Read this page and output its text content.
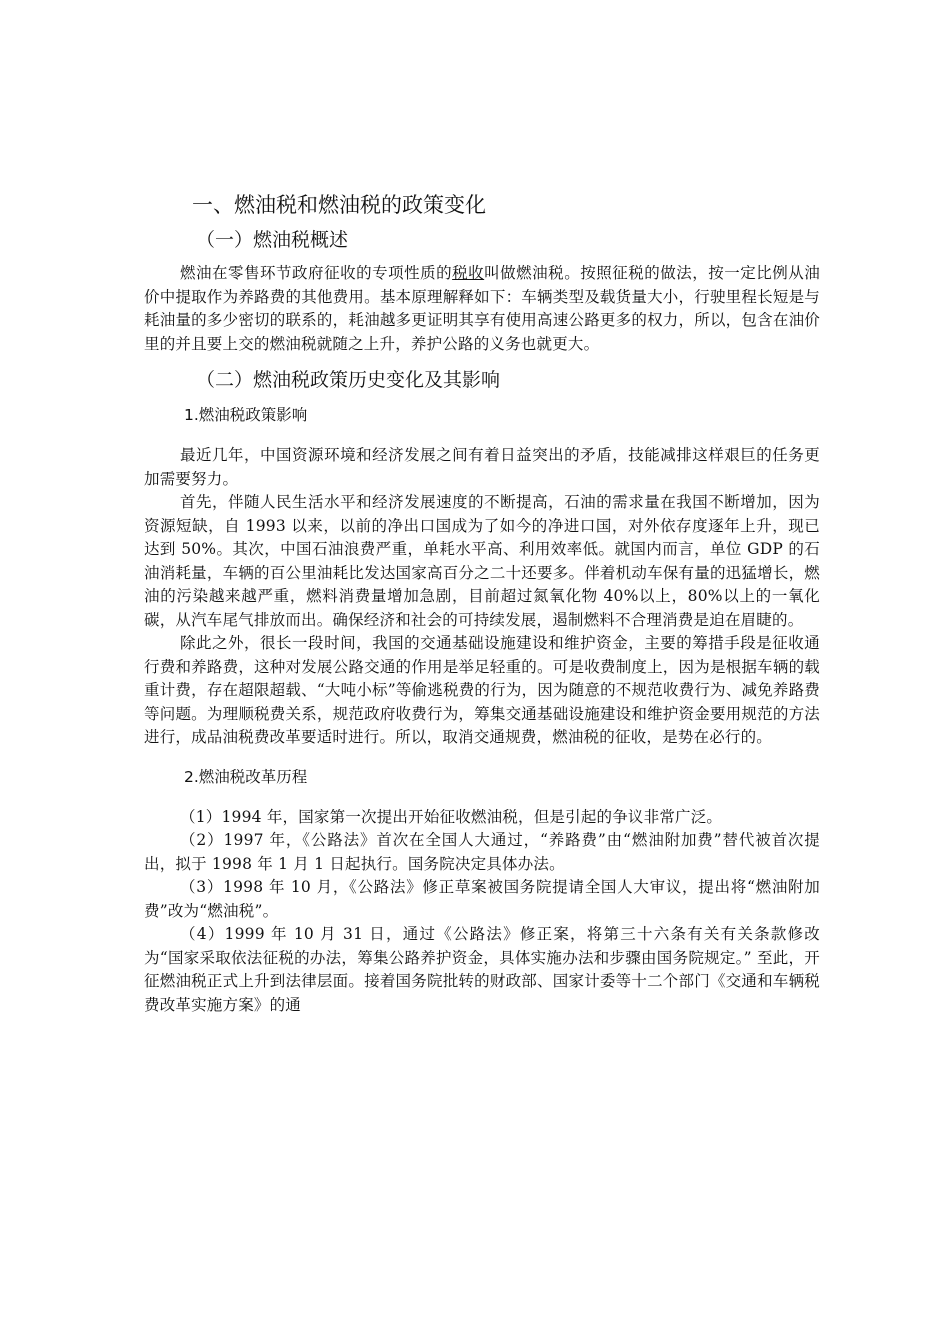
一、燃油税和燃油税的政策变化
（一）燃油税概述

燃油在零售环节政府征收的专项性质的税收叫做燃油税。按照征税的做法，按一定比例从油价中提取作为养路费的其他费用。基本原理解释如下：车辆类型及载货量大小，行驶里程长短是与耗油量的多少密切的联系的，耗油越多更证明其享有使用高速公路更多的权力，所以，包含在油价里的并且要上交的燃油税就随之上升，养护公路的义务也就更大。

（二）燃油税政策历史变化及其影响
1.燃油税政策影响

最近几年，中国资源环境和经济发展之间有着日益突出的矛盾，技能减排这样艰巨的任务更加需要努力。

首先，伴随人民生活水平和经济发展速度的不断提高，石油的需求量在我国不断增加，因为资源短缺，自 1993 以来，以前的净出口国成为了如今的净进口国，对外依存度逐年上升，现已达到 50%。其次，中国石油浪费严重，单耗水平高、利用效率低。就国内而言，单位 GDP 的石油消耗量，车辆的百公里油耗比发达国家高百分之二十还要多。伴着机动车保有量的迅猛增长，燃油的污染越来越严重，燃料消费量增加急剧，目前超过氮氧化物 40%以上，80%以上的一氧化碳，从汽车尾气排放而出。确保经济和社会的可持续发展，遏制燃料不合理消费是迫在眉睫的。

除此之外，很长一段时间，我国的交通基础设施建设和维护资金，主要的筹措手段是征收通行费和养路费，这种对发展公路交通的作用是举足轻重的。可是收费制度上，因为是根据车辆的载重计费，存在超限超载、“大吨小标”等偷逃税费的行为，因为随意的不规范收费行为、减免养路费等问题。为理顺税费关系，规范政府收费行为，筹集交通基础设施建设和维护资金要用规范的方法进行，成品油税费改革要适时进行。所以，取消交通规费，燃油税的征收，是势在必行的。

2.燃油税改革历程

（1）1994 年，国家第一次提出开始征收燃油税，但是引起的争议非常广泛。

（2）1997 年，《公路法》首次在全国人大通过，“养路费”由“燃油附加费”替代被首次提出，拟于 1998 年 1 月 1 日起执行。国务院决定具体办法。

（3）1998 年 10 月，《公路法》修正草案被国务院提请全国人大审议，提出将“燃油附加费”改为“燃油税”。

（4）1999 年 10 月 31 日，通过《公路法》修正案，将第三十六条有关有关条款修改为“国家采取依法征税的办法，筹集公路养护资金，具体实施办法和步骤由国务院规定。” 至此，开征燃油税正式上升到法律层面。接着国务院批转的财政部、国家计委等十二个部门《交通和车辆税费改革实施方案》的通
